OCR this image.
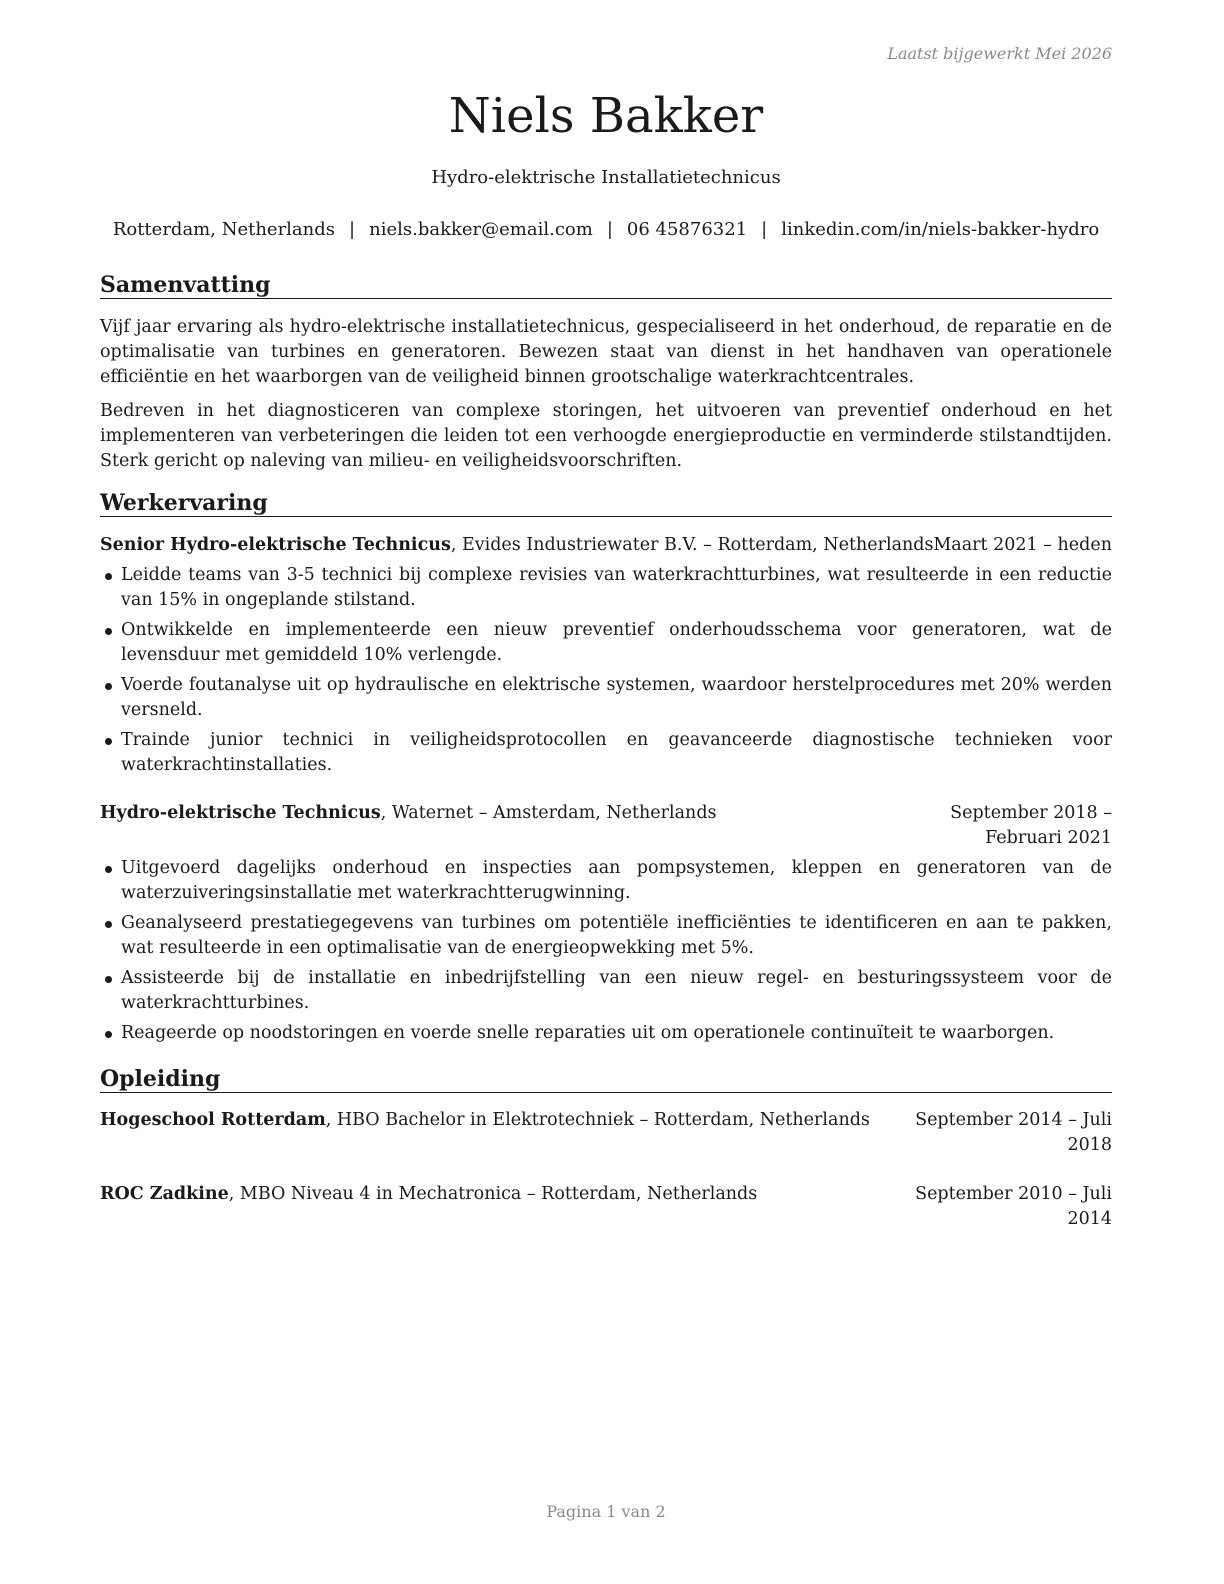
Laatst bijgewerkt Mei 2026
Niels Bakker
Hydro-elektrische Installatietechnicus
Rotterdam, Netherlands | niels.bakker@email.com | 06 45876321 | linkedin.com/in/niels-bakker-hydro
Samenvatting

Vijf jaar ervaring als hydro-elektrische installatietechnicus, gespecialiseerd in het onderhoud, de reparatie en de optimalisatie van turbines en generatoren. Bewezen staat van dienst in het handhaven van operationele efficiëntie en het waarborgen van de veiligheid binnen grootschalige waterkrachtcentrales.

Bedreven in het diagnosticeren van complexe storingen, het uitvoeren van preventief onderhoud en het implementeren van verbeteringen die leiden tot een verhoogde energieproductie en verminderde stilstandtijden. Sterk gericht op naleving van milieu- en veiligheidsvoorschriften.

Werkervaring
Senior Hydro-elektrische Technicus, Evides Industriewater B.V. – Rotterdam, Netherlands Maart 2021 – heden
Leidde teams van 3-5 technici bij complexe revisies van waterkrachtturbines, wat resulteerde in een reductie van 15% in ongeplande stilstand.
Ontwikkelde en implementeerde een nieuw preventief onderhoudsschema voor generatoren, wat de levensduur met gemiddeld 10% verlengde.
Voerde foutanalyse uit op hydraulische en elektrische systemen, waardoor herstelprocedures met 20% werden versneld.
Trainde junior technici in veiligheidsprotocollen en geavanceerde diagnostische technieken voor waterkrachtinstallaties.
Hydro-elektrische Technicus, Waternet – Amsterdam, Netherlands	September 2018 – Februari 2021
Uitgevoerd dagelijks onderhoud en inspecties aan pompsystemen, kleppen en generatoren van de waterzuiveringsinstallatie met waterkrachtterugwinning.
Geanalyseerd prestatiegegevens van turbines om potentiële inefficiënties te identificeren en aan te pakken, wat resulteerde in een optimalisatie van de energieopwekking met 5%.
Assisteerde bij de installatie en inbedrijfstelling van een nieuw regel- en besturingssysteem voor de waterkrachtturbines.
Reageerde op noodstoringen en voerde snelle reparaties uit om operationele continuïteit te waarborgen.
Opleiding
Hogeschool Rotterdam, HBO Bachelor in Elektrotechniek – Rotterdam, Netherlands	September 2014 – Juli 2018
ROC Zadkine, MBO Niveau 4 in Mechatronica – Rotterdam, Netherlands	September 2010 – Juli 2014
Pagina 1 van 2
